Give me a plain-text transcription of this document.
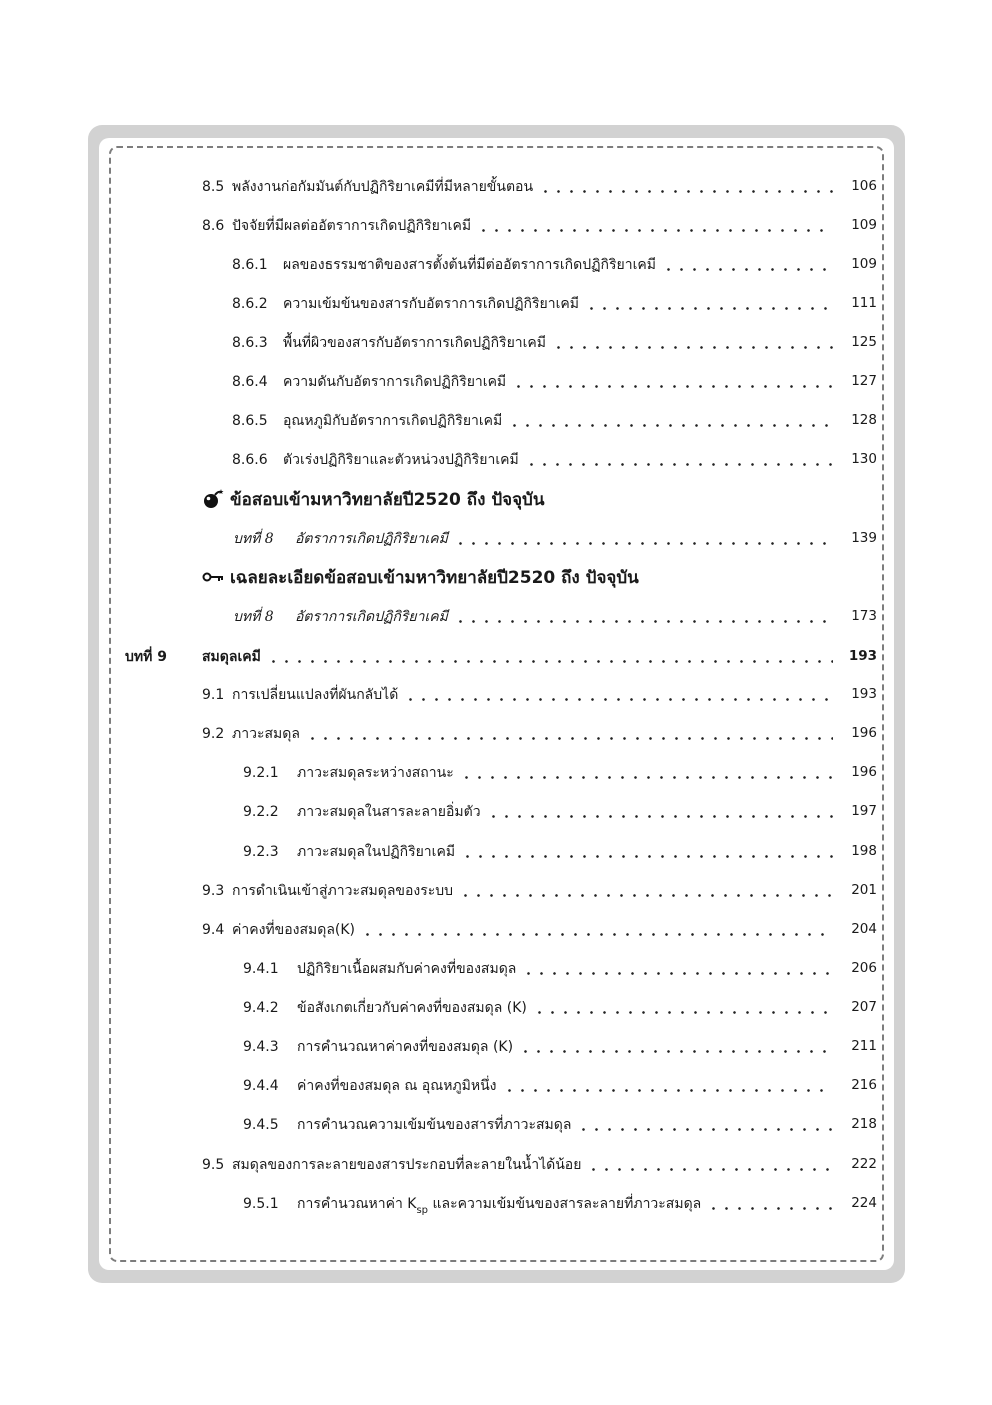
8.5 พลังงานก่อกัมมันต์กับปฏิกิริยาเคมีที่มีหลายขั้นตอน	106
8.6 ปัจจัยที่มีผลต่ออัตราการเกิดปฏิกิริยาเคมี	109
8.6.1	ผลของธรรมชาติของสารตั้งต้นที่มีต่ออัตราการเกิดปฏิกิริยาเคมี	109
8.6.2	ความเข้มข้นของสารกับอัตราการเกิดปฏิกิริยาเคมี	111
8.6.3	พื้นที่ผิวของสารกับอัตราการเกิดปฏิกิริยาเคมี	125
8.6.4	ความดันกับอัตราการเกิดปฏิกิริยาเคมี	127
8.6.5	อุณหภูมิกับอัตราการเกิดปฏิกิริยาเคมี	128
8.6.6	ตัวเร่งปฏิกิริยาและตัวหน่วงปฏิกิริยาเคมี	130
ข้อสอบเข้ามหาวิทยาลัยปี2520 ถึง ปัจจุบัน
บทที่ 8	อัตราการเกิดปฏิกิริยาเคมี	139
เฉลยละเอียดข้อสอบเข้ามหาวิทยาลัยปี2520 ถึง ปัจจุบัน
บทที่ 8	อัตราการเกิดปฏิกิริยาเคมี	173
บทที่ 9	สมดุลเคมี	193
9.1 การเปลี่ยนแปลงที่ผันกลับได้	193
9.2 ภาวะสมดุล	196
9.2.1	ภาวะสมดุลระหว่างสถานะ	196
9.2.2	ภาวะสมดุลในสารละลายอิ่มตัว	197
9.2.3	ภาวะสมดุลในปฏิกิริยาเคมี	198
9.3 การดำเนินเข้าสู่ภาวะสมดุลของระบบ	201
9.4 ค่าคงที่ของสมดุล(K)	204
9.4.1	ปฏิกิริยาเนื้อผสมกับค่าคงที่ของสมดุล	206
9.4.2	ข้อสังเกตเกี่ยวกับค่าคงที่ของสมดุล (K)	207
9.4.3	การคำนวณหาค่าคงที่ของสมดุล (K)	211
9.4.4	ค่าคงที่ของสมดุล ณ อุณหภูมิหนึ่ง	216
9.4.5	การคำนวณความเข้มข้นของสารที่ภาวะสมดุล	218
9.5 สมดุลของการละลายของสารประกอบที่ละลายในน้ำได้น้อย	222
9.5.1	การคำนวณหาค่า $K_{sp}$ และความเข้มข้นของสารละลายที่ภาวะสมดุล	224
